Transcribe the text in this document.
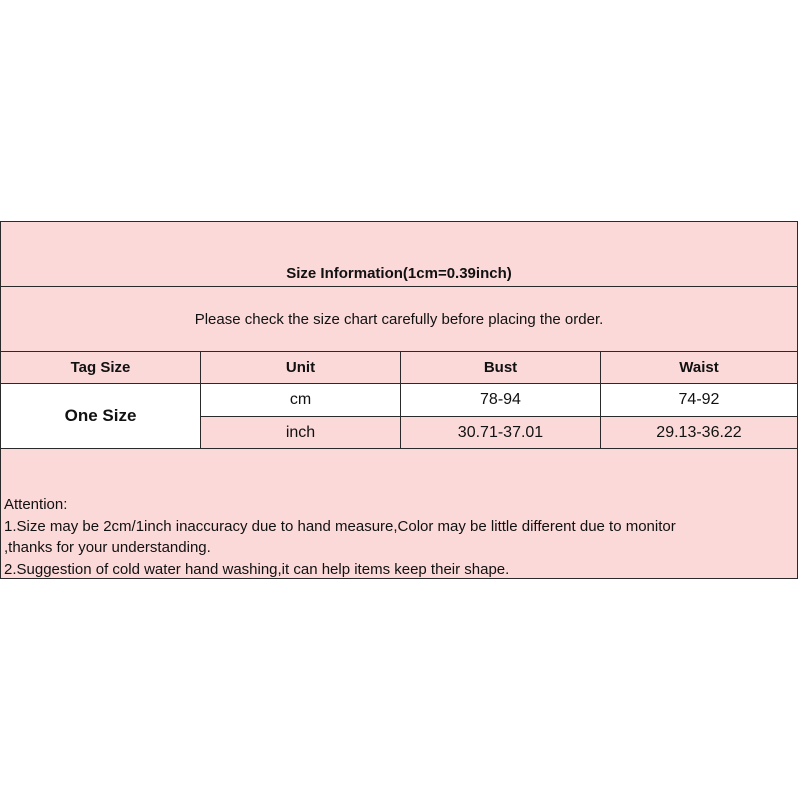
Size Information(1cm=0.39inch)
Please check the size chart carefully before placing the order.
Tag Size	Unit	Bust	Waist
One Size
cm	78-94	74-92
inch	30.71-37.01	29.13-36.22
Attention:
1.Size may be 2cm/1inch inaccuracy due to hand measure,Color may be little different due to monitor
,thanks for your understanding.
2.Suggestion of cold water hand washing,it can help items keep their shape.
